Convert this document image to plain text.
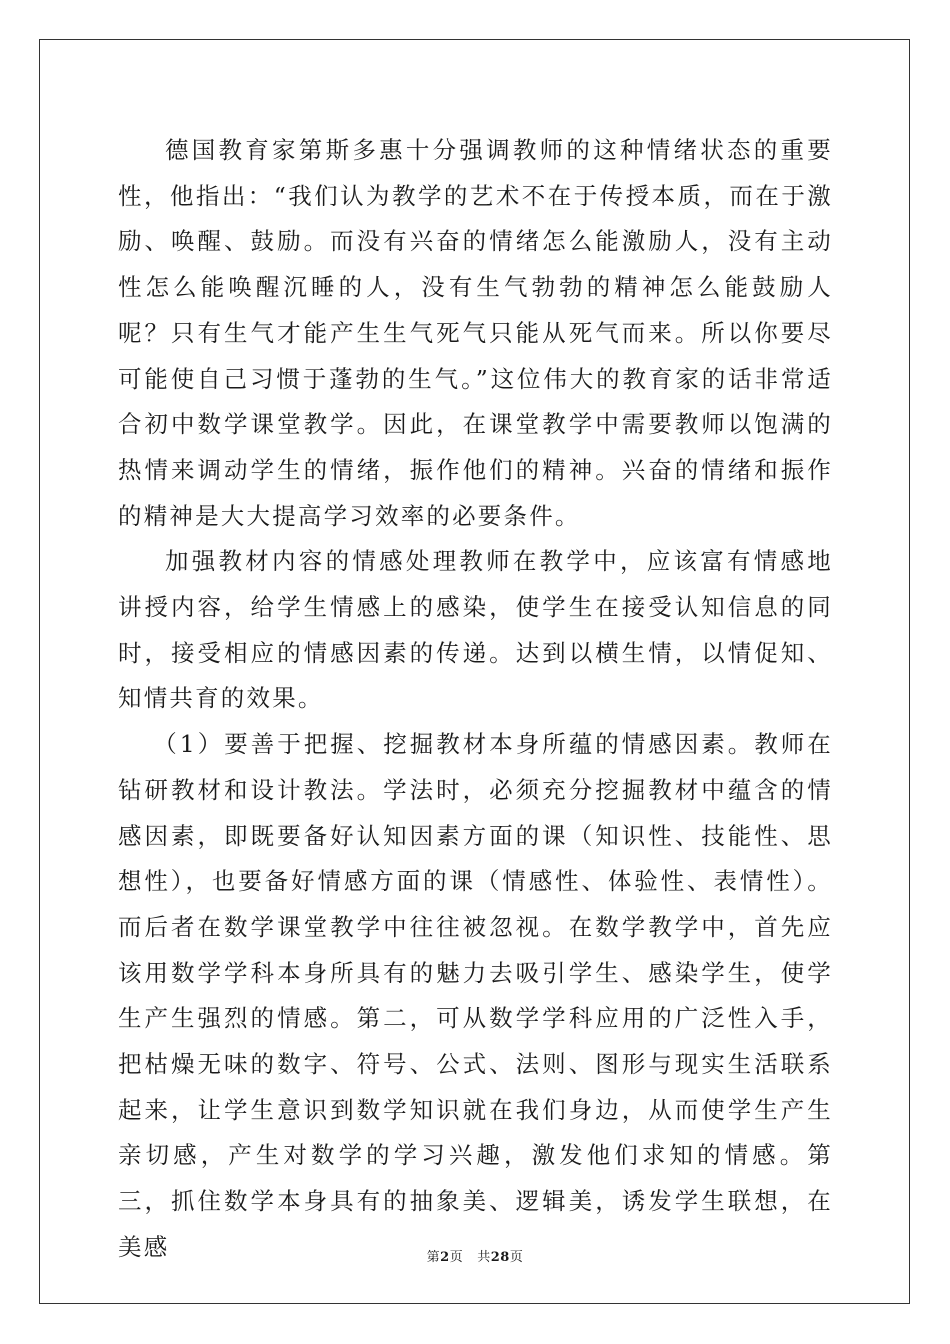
德国教育家第斯多惠十分强调教师的这种情绪状态的重要性，他指出：“我们认为教学的艺术不在于传授本质，而在于激励、唤醒、鼓励。而没有兴奋的情绪怎么能激励人，没有主动性怎么能唤醒沉睡的人，没有生气勃勃的精神怎么能鼓励人呢？只有生气才能产生生气死气只能从死气而来。所以你要尽可能使自己习惯于蓬勃的生气。”这位伟大的教育家的话非常适合初中数学课堂教学。因此，在课堂教学中需要教师以饱满的热情来调动学生的情绪，振作他们的精神。兴奋的情绪和振作的精神是大大提高学习效率的必要条件。

加强教材内容的情感处理教师在教学中，应该富有情感地讲授内容，给学生情感上的感染，使学生在接受认知信息的同时，接受相应的情感因素的传递。达到以横生情，以情促知、知情共育的效果。

（1）要善于把握、挖掘教材本身所蕴的情感因素。教师在钻研教材和设计教法。学法时，必须充分挖掘教材中蕴含的情感因素，即既要备好认知因素方面的课（知识性、技能性、思想性），也要备好情感方面的课（情感性、体验性、表情性）。而后者在数学课堂教学中往往被忽视。在数学教学中，首先应该用数学学科本身所具有的魅力去吸引学生、感染学生，使学生产生强烈的情感。第二，可从数学学科应用的广泛性入手，把枯燥无味的数字、符号、公式、法则、图形与现实生活联系起来，让学生意识到数学知识就在我们身边，从而使学生产生亲切感，产生对数学的学习兴趣，激发他们求知的情感。第三，抓住数学本身具有的抽象美、逻辑美，诱发学生联想，在美感	第2页 共28页
